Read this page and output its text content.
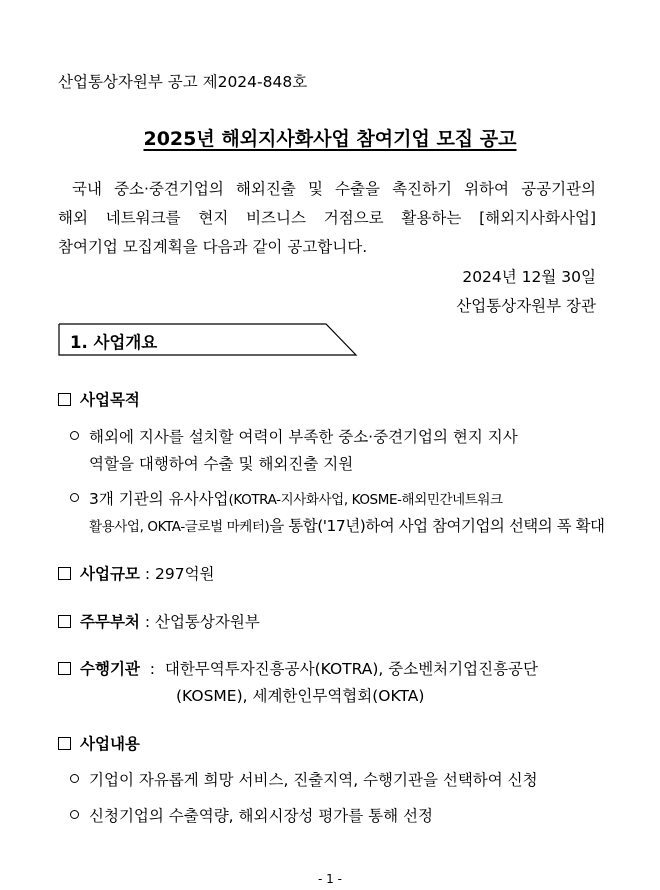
산업통상자원부 공고 제2024-848호
2025년 해외지사화사업 참여기업 모집 공고
국내 중소·중견기업의 해외진출 및 수출을 촉진하기 위하여 공공기관의
해외 네트워크를 현지 비즈니스 거점으로 활용하는 [해외지사화사업]
참여기업 모집계획을 다음과 같이 공고합니다.
2024년 12월 30일
산업통상자원부 장관
1. 사업개요
사업목적
해외에 지사를 설치할 여력이 부족한 중소·중견기업의 현지 지사
역할을 대행하여 수출 및 해외진출 지원
3개 기관의 유사사업(KOTRA-지사화사업, KOSME-해외민간네트워크
활용사업, OKTA-글로벌 마케터)을 통합('17년)하여 사업 참여기업의 선택의 폭 확대
사업규모 : 297억원
주무부처 : 산업통상자원부
수행기관  :  대한무역투자진흥공사(KOTRA), 중소벤처기업진흥공단
(KOSME), 세계한인무역협회(OKTA)
사업내용
기업이 자유롭게 희망 서비스, 진출지역, 수행기관을 선택하여 신청
신청기업의 수출역량, 해외시장성 평가를 통해 선정
- 1 -
